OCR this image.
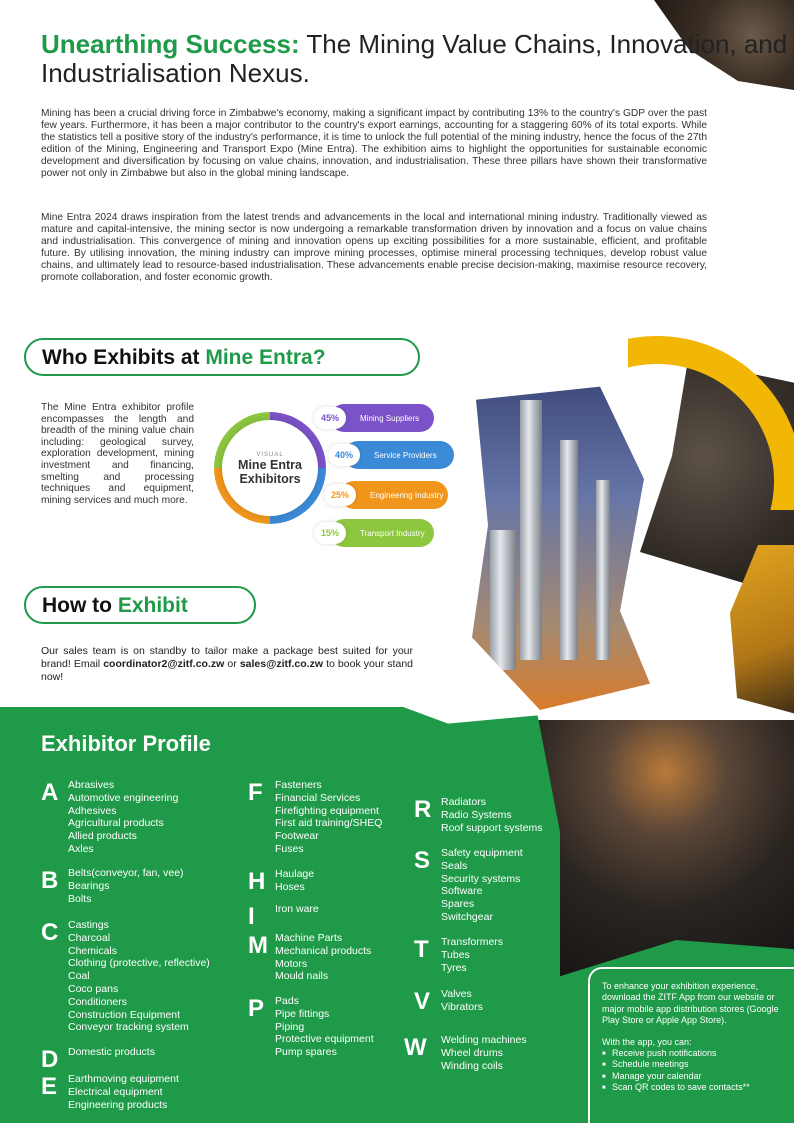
Unearthing Success: The Mining Value Chains, Innovation, and Industrialisation Nexus.

Mining has been a crucial driving force in Zimbabwe's economy, making a significant impact by contributing 13% to the country's GDP over the past few years. Furthermore, it has been a major contributor to the country's export earnings, accounting for a staggering 60% of its total exports. While the statistics tell a positive story of the industry's performance, it is time to unlock the full potential of the mining industry, hence the focus of the 27th edition of the Mining, Engineering and Transport Expo (Mine Entra). The exhibition aims to highlight the opportunities for sustainable economic development and diversification by focusing on value chains, innovation, and industrialisation. These three pillars have shown their transformative power not only in Zimbabwe but also in the global mining landscape.

Mine Entra 2024 draws inspiration from the latest trends and advancements in the local and international mining industry. Traditionally viewed as mature and capital-intensive, the mining sector is now undergoing a remarkable transformation driven by innovation and a focus on value chains and industrialisation. This convergence of mining and innovation opens up exciting possibilities for a more sustainable, efficient, and profitable future. By utilising innovation, the mining industry can improve mining processes, optimise mineral processing techniques, develop robust value chains, and ultimately lead to resource-based industrialisation. These advancements enable precise decision-making, maximise resource recovery, promote collaboration, and foster economic growth.

Who Exhibits at Mine Entra?

The Mine Entra exhibitor profile encompasses the length and breadth of the mining value chain including: geological survey, exploration development, mining investment and financing, smelting and processing techniques and equipment, mining services and much more.

VISUAL
Mine Entra Exhibitors
Mining Suppliers
45%
Service Providers
40%
Engineering Industry
25%
Transport Industry
15%
How to Exhibit

Our sales team is on standby to tailor make a package best suited for your brand! Email coordinator2@zitf.co.zw or sales@zitf.co.zw to book your stand now!

Exhibitor Profile
A Abrasives
Automotive engineering
Adhesives
Agricultural products
Allied products
Axles
B Belts(conveyor, fan, vee)
Bearings
Bolts
C Castings
Charcoal
Chemicals
Clothing (protective, reflective)
Coal
Coco pans
Conditioners
Construction Equipment
Conveyor tracking system
D Domestic products
E Earthmoving equipment
Electrical equipment
Engineering products
F Fasteners
Financial Services
Firefighting equipment
First aid training/SHEQ
Footwear
Fuses
H Haulage
Hoses
I Iron ware
M Machine Parts
Mechanical products
Motors
Mould nails
P Pads
Pipe fittings
Piping
Protective equipment
Pump spares
R Radiators
Radio Systems
Roof support systems
S Safety equipment
Seals
Security systems
Software
Spares
Switchgear
T Transformers
Tubes
Tyres
V Valves
Vibrators
W Welding machines
Wheel drums
Winding coils

To enhance your exhibition experience, download the ZITF App from our website or major mobile app distribution stores (Google Play Store or Apple App Store).

With the app, you can:
■ Receive push notifications
■ Schedule meetings
■ Manage your calendar
■ Scan QR codes to save contacts**
